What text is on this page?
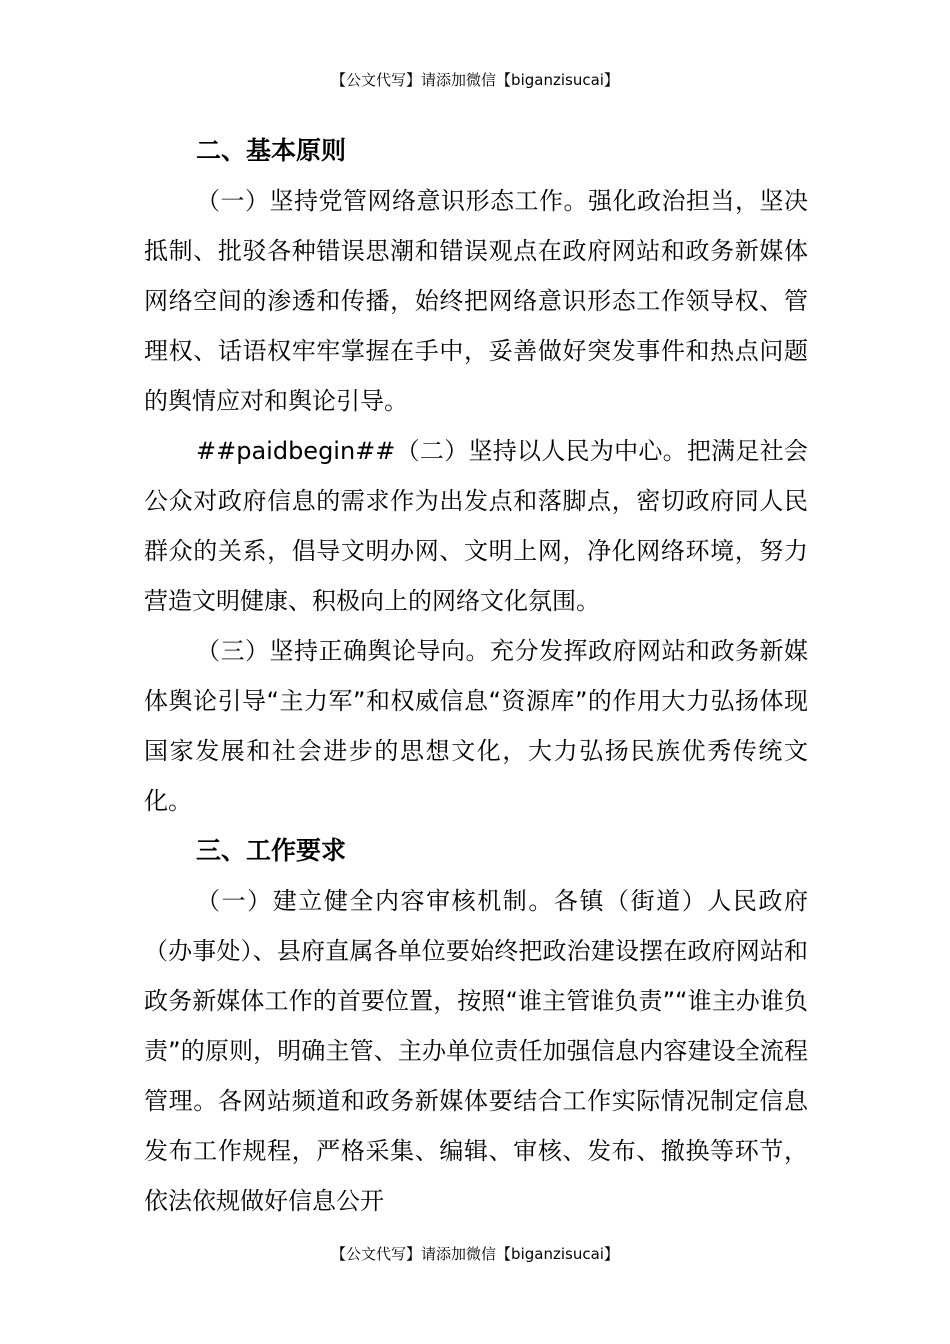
【公文代写】请添加微信【biganzisucai】
二、基本原则

（一）坚持党管网络意识形态工作。强化政治担当，坚决抵制、批驳各种错误思潮和错误观点在政府网站和政务新媒体网络空间的渗透和传播，始终把网络意识形态工作领导权、管理权、话语权牢牢掌握在手中，妥善做好突发事件和热点问题的舆情应对和舆论引导。

##paidbegin##（二）坚持以人民为中心。把满足社会公众对政府信息的需求作为出发点和落脚点，密切政府同人民群众的关系，倡导文明办网、文明上网，净化网络环境，努力营造文明健康、积极向上的网络文化氛围。

（三）坚持正确舆论导向。充分发挥政府网站和政务新媒体舆论引导“主力军”和权威信息“资源库”的作用大力弘扬体现国家发展和社会进步的思想文化，大力弘扬民族优秀传统文化。

三、工作要求

（一）建立健全内容审核机制。各镇（街道）人民政府（办事处）、县府直属各单位要始终把政治建设摆在政府网站和政务新媒体工作的首要位置，按照“谁主管谁负责”“谁主办谁负责”的原则，明确主管、主办单位责任加强信息内容建设全流程管理。各网站频道和政务新媒体要结合工作实际情况制定信息发布工作规程，严格采集、编辑、审核、发布、撤换等环节，依法依规做好信息公开

【公文代写】请添加微信【biganzisucai】
